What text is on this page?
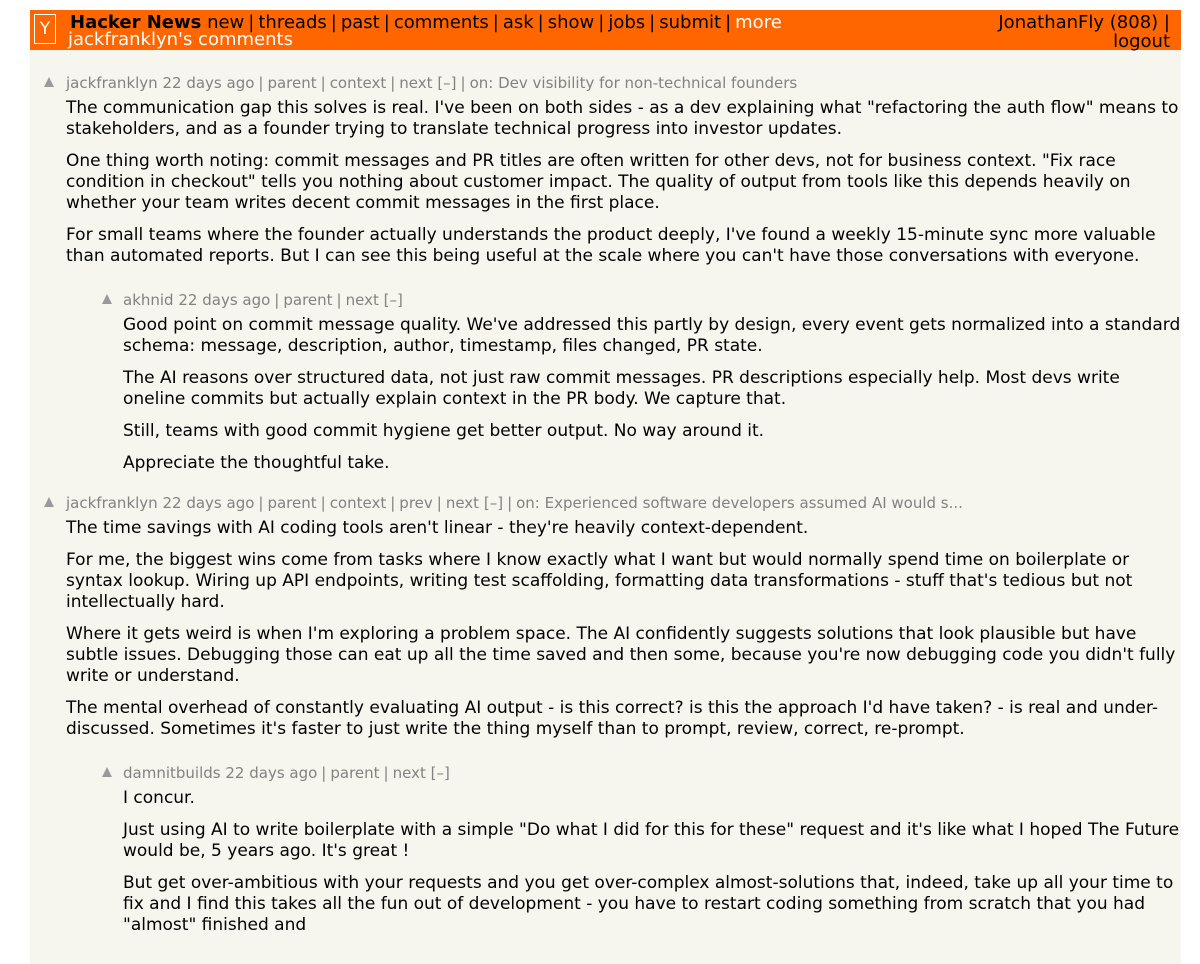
Y	Hacker News new | threads | past | comments | ask | show | jobs | submit | more
jackfranklyn's comments
JonathanFly (808) |
logout
jackfranklyn 22 days ago | parent | context | next [–] | on: Dev visibility for non-technical founders

The communication gap this solves is real. I've been on both sides - as a dev explaining what "refactoring the auth flow" means to stakeholders, and as a founder trying to translate technical progress into investor updates.

One thing worth noting: commit messages and PR titles are often written for other devs, not for business context. "Fix race condition in checkout" tells you nothing about customer impact. The quality of output from tools like this depends heavily on whether your team writes decent commit messages in the first place.

For small teams where the founder actually understands the product deeply, I've found a weekly 15-minute sync more valuable than automated reports. But I can see this being useful at the scale where you can't have those conversations with everyone.

akhnid 22 days ago | parent | next [–]

Good point on commit message quality. We've addressed this partly by design, every event gets normalized into a standard schema: message, description, author, timestamp, files changed, PR state.

The AI reasons over structured data, not just raw commit messages. PR descriptions especially help. Most devs write oneline commits but actually explain context in the PR body. We capture that.

Still, teams with good commit hygiene get better output. No way around it.

Appreciate the thoughtful take.

jackfranklyn 22 days ago | parent | context | prev | next [–] | on: Experienced software developers assumed AI would s...

The time savings with AI coding tools aren't linear - they're heavily context-dependent.

For me, the biggest wins come from tasks where I know exactly what I want but would normally spend time on boilerplate or syntax lookup. Wiring up API endpoints, writing test scaffolding, formatting data transformations - stuff that's tedious but not intellectually hard.

Where it gets weird is when I'm exploring a problem space. The AI confidently suggests solutions that look plausible but have subtle issues. Debugging those can eat up all the time saved and then some, because you're now debugging code you didn't fully write or understand.

The mental overhead of constantly evaluating AI output - is this correct? is this the approach I'd have taken? - is real and under-discussed. Sometimes it's faster to just write the thing myself than to prompt, review, correct, re-prompt.

damnitbuilds 22 days ago | parent | next [–]

I concur.

Just using AI to write boilerplate with a simple "Do what I did for this for these" request and it's like what I hoped The Future would be, 5 years ago. It's great !

But get over-ambitious with your requests and you get over-complex almost-solutions that, indeed, take up all your time to fix and I find this takes all the fun out of development - you have to restart coding something from scratch that you had "almost" finished and
